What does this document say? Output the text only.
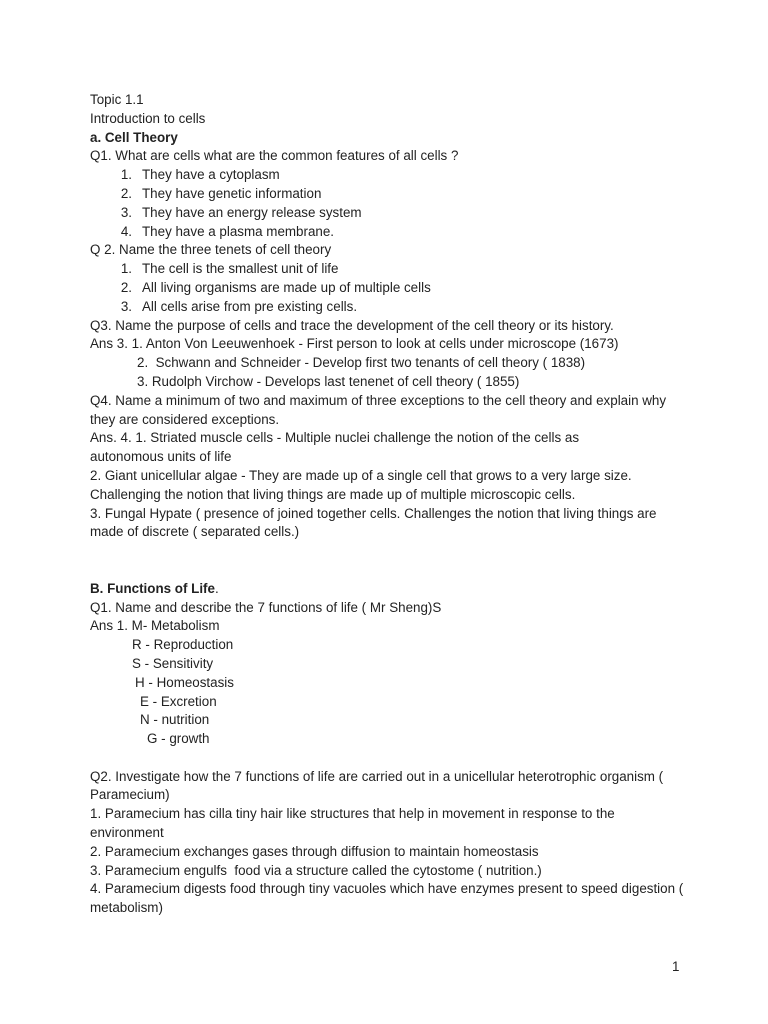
Topic 1.1
Introduction to cells
a. Cell Theory
Q1. What are cells what are the common features of all cells ?
1. They have a cytoplasm
2. They have genetic information
3. They have an energy release system
4. They have a plasma membrane.
Q 2. Name the three tenets of cell theory
1. The cell is the smallest unit of life
2. All living organisms are made up of multiple cells
3. All cells arise from pre existing cells.
Q3. Name the purpose of cells and trace the development of the cell theory or its history.
Ans 3. 1. Anton Von Leeuwenhoek - First person to look at cells under microscope (1673)
2.  Schwann and Schneider - Develop first two tenants of cell theory ( 1838)
3. Rudolph Virchow - Develops last tenenet of cell theory ( 1855)
Q4. Name a minimum of two and maximum of three exceptions to the cell theory and explain why they are considered exceptions.
Ans. 4. 1. Striated muscle cells - Multiple nuclei challenge the notion of the cells as autonomous units of life
2. Giant unicellular algae - They are made up of a single cell that grows to a very large size. Challenging the notion that living things are made up of multiple microscopic cells.
3. Fungal Hypate ( presence of joined together cells. Challenges the notion that living things are made of discrete ( separated cells.)
B. Functions of Life.
Q1. Name and describe the 7 functions of life ( Mr Sheng)S
Ans 1. M- Metabolism
R - Reproduction
S - Sensitivity
H - Homeostasis
E - Excretion
N - nutrition
G - growth
Q2. Investigate how the 7 functions of life are carried out in a unicellular heterotrophic organism ( Paramecium)
1. Paramecium has cilla tiny hair like structures that help in movement in response to the environment
2. Paramecium exchanges gases through diffusion to maintain homeostasis
3. Paramecium engulfs  food via a structure called the cytostome ( nutrition.)
4. Paramecium digests food through tiny vacuoles which have enzymes present to speed digestion ( metabolism)
1
